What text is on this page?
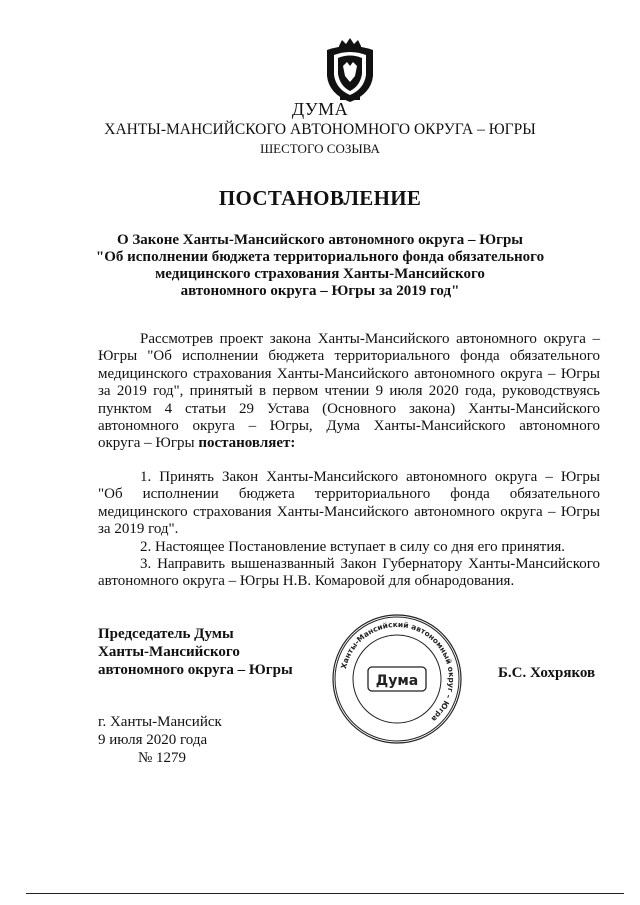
ДУМА
ХАНТЫ-МАНСИЙСКОГО АВТОНОМНОГО ОКРУГА – ЮГРЫ
ШЕСТОГО СОЗЫВА
ПОСТАНОВЛЕНИЕ
О Законе Ханты-Мансийского автономного округа – Югры
"Об исполнении бюджета территориального фонда обязательного
медицинского страхования Ханты-Мансийского
автономного округа – Югры за 2019 год"
Рассмотрев проект закона Ханты-Мансийского автономного округа –
Югры "Об исполнении бюджета территориального фонда обязательного
медицинского страхования Ханты-Мансийского автономного округа – Югры
за 2019 год", принятый в первом чтении 9 июля 2020 года, руководствуясь
пунктом 4 статьи 29 Устава (Основного закона) Ханты-Мансийского
автономного округа – Югры, Дума Ханты-Мансийского автономного
округа – Югры постановляет:
1. Принять Закон Ханты-Мансийского автономного округа – Югры
"Об исполнении бюджета территориального фонда обязательного
медицинского страхования Ханты-Мансийского автономного округа – Югры
за 2019 год".
2. Настоящее Постановление вступает в силу со дня его принятия.
3. Направить вышеназванный Закон Губернатору Ханты-Мансийского
автономного округа – Югры Н.В. Комаровой для обнародования.
Председатель Думы
Ханты-Мансийского
автономного округа – Югры	Ханты-Мансийский автономный округ – Югра
Дума	Б.С. Хохряков
г. Ханты-Мансийск
9 июля 2020 года
№ 1279
